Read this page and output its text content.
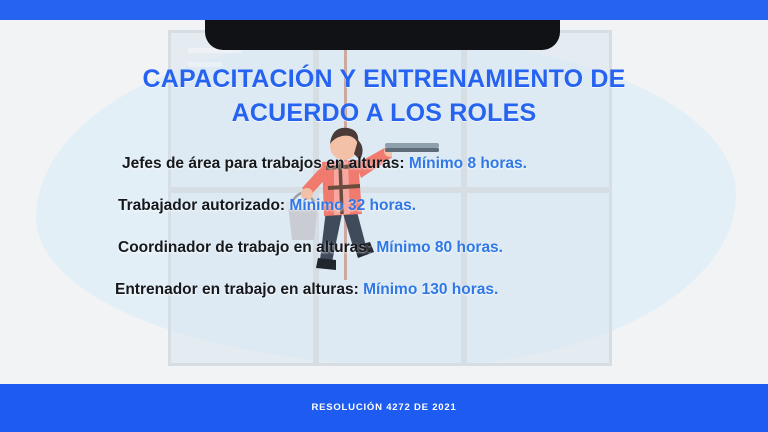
CAPACITACIÓN Y ENTRENAMIENTO DE
ACUERDO A LOS ROLES
Jefes de área para trabajos en alturas: Mínimo 8 horas.
Trabajador autorizado: Mínimo 32 horas.
Coordinador de trabajo en alturas: Mínimo 80 horas.
Entrenador en trabajo en alturas: Mínimo 130 horas.
RESOLUCIÓN 4272 DE 2021
